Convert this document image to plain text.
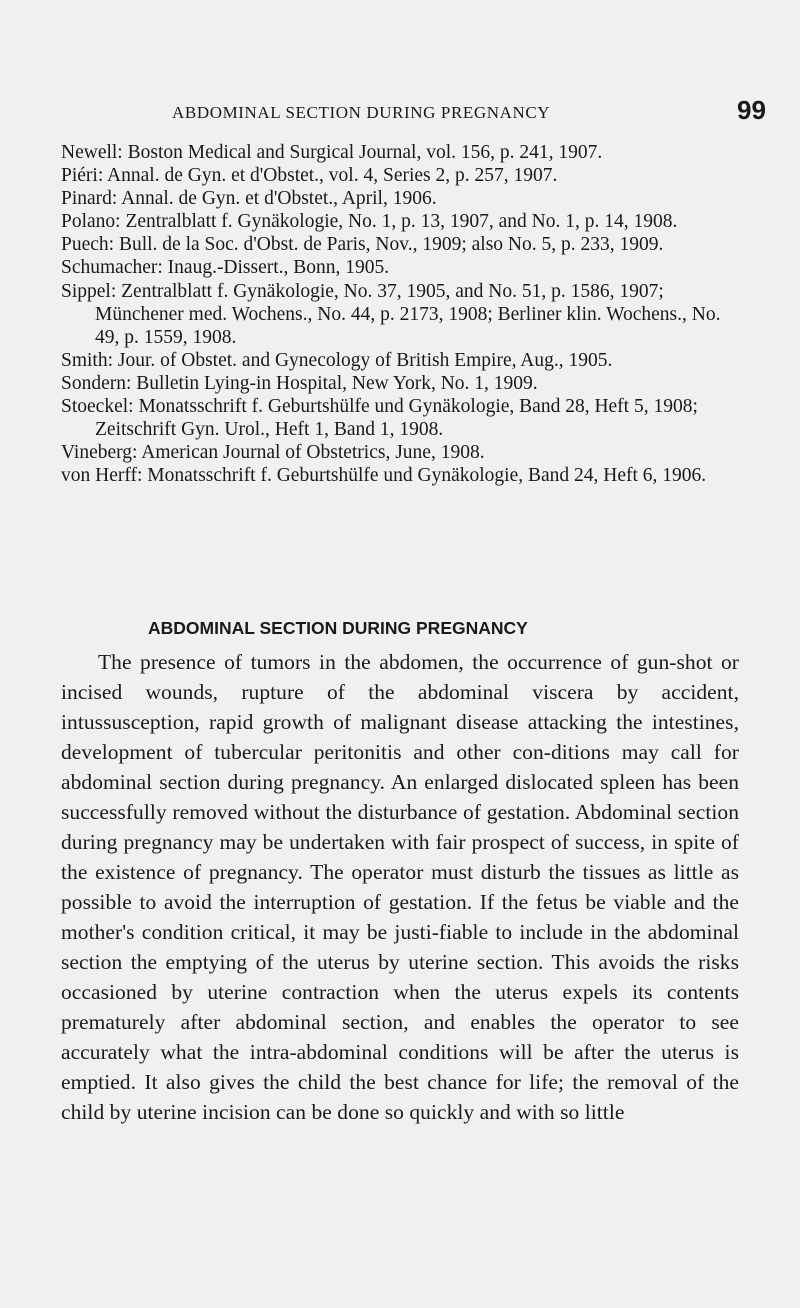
ABDOMINAL SECTION DURING PREGNANCY	99
Newell: Boston Medical and Surgical Journal, vol. 156, p. 241, 1907.
Piéri: Annal. de Gyn. et d'Obstet., vol. 4, Series 2, p. 257, 1907.
Pinard: Annal. de Gyn. et d'Obstet., April, 1906.
Polano: Zentralblatt f. Gynäkologie, No. 1, p. 13, 1907, and No. 1, p. 14, 1908.
Puech: Bull. de la Soc. d'Obst. de Paris, Nov., 1909; also No. 5, p. 233, 1909.
Schumacher: Inaug.-Dissert., Bonn, 1905.
Sippel: Zentralblatt f. Gynäkologie, No. 37, 1905, and No. 51, p. 1586, 1907; Münchener med. Wochens., No. 44, p. 2173, 1908; Berliner klin. Wochens., No. 49, p. 1559, 1908.
Smith: Jour. of Obstet. and Gynecology of British Empire, Aug., 1905.
Sondern: Bulletin Lying-in Hospital, New York, No. 1, 1909.
Stoeckel: Monatsschrift f. Geburtshülfe und Gynäkologie, Band 28, Heft 5, 1908; Zeitschrift Gyn. Urol., Heft 1, Band 1, 1908.
Vineberg: American Journal of Obstetrics, June, 1908.
von Herff: Monatsschrift f. Geburtshülfe und Gynäkologie, Band 24, Heft 6, 1906.
ABDOMINAL SECTION DURING PREGNANCY

The presence of tumors in the abdomen, the occurrence of gun-shot or incised wounds, rupture of the abdominal viscera by accident, intussusception, rapid growth of malignant disease attacking the intestines, development of tubercular peritonitis and other con-ditions may call for abdominal section during pregnancy. An enlarged dislocated spleen has been successfully removed without the disturbance of gestation. Abdominal section during pregnancy may be undertaken with fair prospect of success, in spite of the existence of pregnancy. The operator must disturb the tissues as little as possible to avoid the interruption of gestation. If the fetus be viable and the mother's condition critical, it may be justi-fiable to include in the abdominal section the emptying of the uterus by uterine section. This avoids the risks occasioned by uterine contraction when the uterus expels its contents prematurely after abdominal section, and enables the operator to see accurately what the intra-abdominal conditions will be after the uterus is emptied. It also gives the child the best chance for life; the removal of the child by uterine incision can be done so quickly and with so little
